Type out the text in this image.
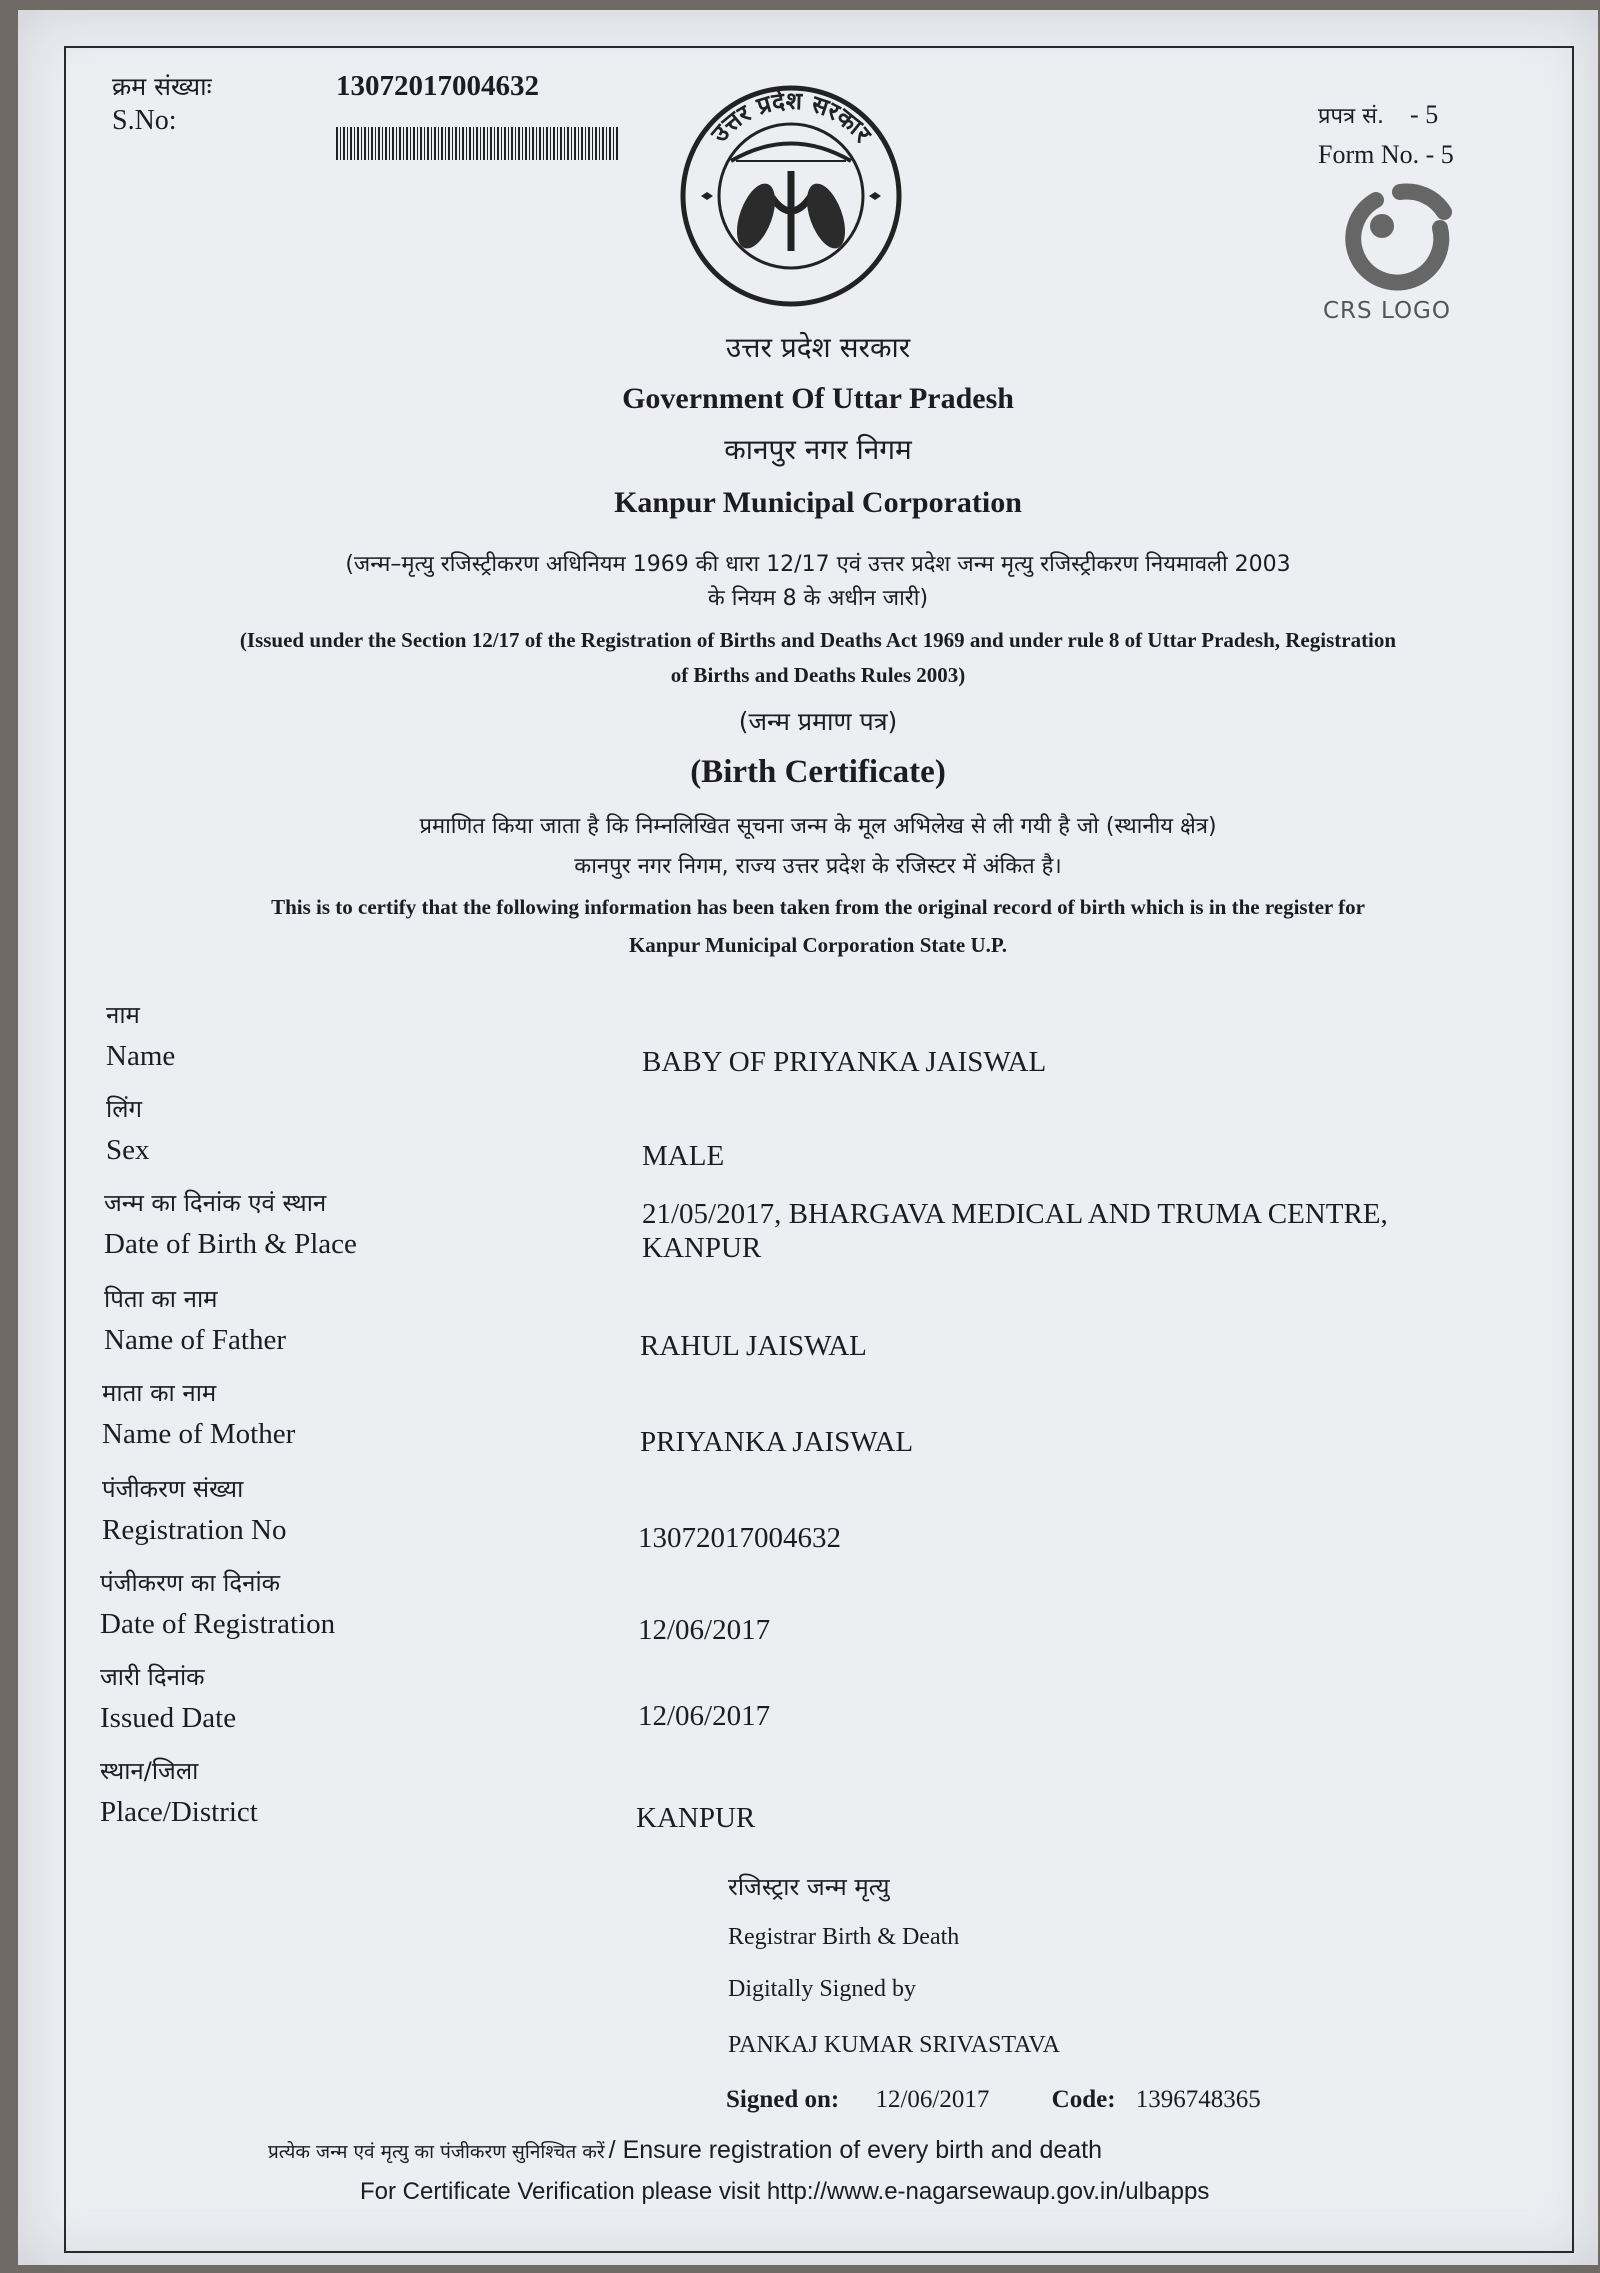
क्रम संख्याः
S.No:
13072017004632
उत्तर प्रदेश सरकार
प्रपत्र सं. - 5
Form No. - 5
CRS LOGO
उत्तर प्रदेश सरकार
Government Of Uttar Pradesh
कानपुर नगर निगम
Kanpur Municipal Corporation
(जन्म–मृत्यु रजिस्ट्रीकरण अधिनियम 1969 की धारा 12/17 एवं उत्तर प्रदेश जन्म मृत्यु रजिस्ट्रीकरण नियमावली 2003
के नियम 8 के अधीन जारी)
(Issued under the Section 12/17 of the Registration of Births and Deaths Act 1969 and under rule 8 of Uttar Pradesh, Registration
of Births and Deaths Rules 2003)
(जन्म प्रमाण पत्र)
(Birth Certificate)
प्रमाणित किया जाता है कि निम्नलिखित सूचना जन्म के मूल अभिलेख से ली गयी है जो (स्थानीय क्षेत्र)
कानपुर नगर निगम, राज्य उत्तर प्रदेश के रजिस्टर में अंकित है।
This is to certify that the following information has been taken from the original record of birth which is in the register for
Kanpur Municipal Corporation State U.P.
नाम
Name	BABY OF PRIYANKA JAISWAL
लिंग
Sex	MALE
जन्म का दिनांक एवं स्थान
Date of Birth & Place
21/05/2017, BHARGAVA MEDICAL AND TRUMA CENTRE,
KANPUR
पिता का नाम
Name of Father	RAHUL JAISWAL
माता का नाम
Name of Mother	PRIYANKA JAISWAL
पंजीकरण संख्या
Registration No	13072017004632
पंजीकरण का दिनांक
Date of Registration	12/06/2017
जारी दिनांक
Issued Date	12/06/2017
स्थान/जिला
Place/District	KANPUR
रजिस्ट्रार जन्म मृत्यु
Registrar Birth & Death
Digitally Signed by
PANKAJ KUMAR SRIVASTAVA
Signed on: 12/06/2017 Code: 1396748365
प्रत्येक जन्म एवं मृत्यु का पंजीकरण सुनिश्चित करें / Ensure registration of every birth and death
For Certificate Verification please visit http://www.e-nagarsewaup.gov.in/ulbapps
